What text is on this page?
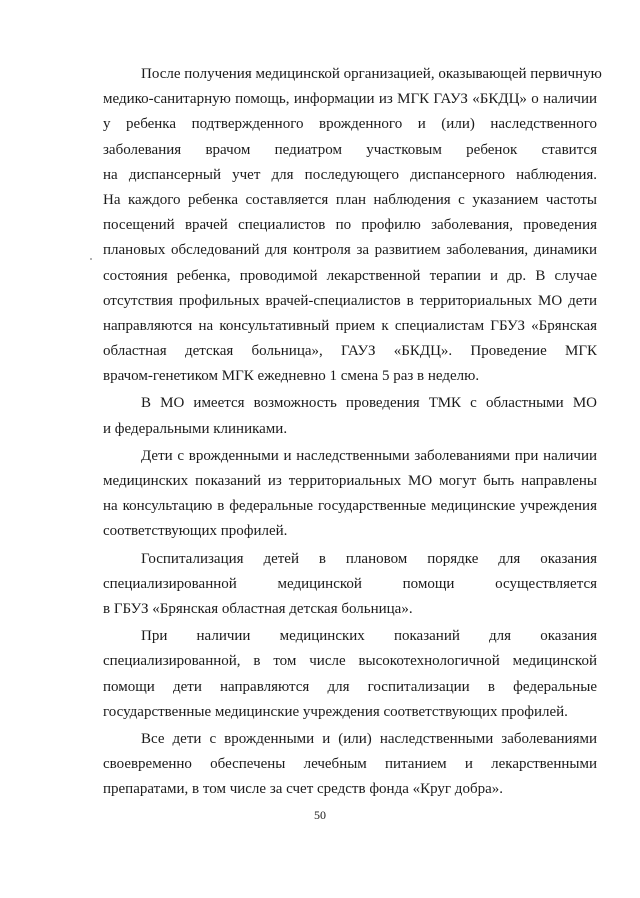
После получения медицинской организацией, оказывающей первичную
медико-санитарную помощь, информации из МГК ГАУЗ «БКДЦ» о наличии
у ребенка подтвержденного врожденного и (или) наследственного
заболевания врачом педиатром участковым ребенок ставится
на диспансерный учет для последующего диспансерного наблюдения.
На каждого ребенка составляется план наблюдения с указанием частоты
посещений врачей специалистов по профилю заболевания, проведения
плановых обследований для контроля за развитием заболевания, динамики
состояния ребенка, проводимой лекарственной терапии и др. В случае
отсутствия профильных врачей-специалистов в территориальных МО дети
направляются на консультативный прием к специалистам ГБУЗ «Брянская
областная детская больница», ГАУЗ «БКДЦ». Проведение МГК
врачом-генетиком МГК ежедневно 1 смена 5 раз в неделю.
В МО имеется возможность проведения ТМК с областными МО
и федеральными клиниками.
Дети с врожденными и наследственными заболеваниями при наличии
медицинских показаний из территориальных МО могут быть направлены
на консультацию в федеральные государственные медицинские учреждения
соответствующих профилей.
Госпитализация детей в плановом порядке для оказания
специализированной медицинской помощи осуществляется
в ГБУЗ «Брянская областная детская больница».
При наличии медицинских показаний для оказания
специализированной, в том числе высокотехнологичной медицинской
помощи дети направляются для госпитализации в федеральные
государственные медицинские учреждения соответствующих профилей.
Все дети с врожденными и (или) наследственными заболеваниями
своевременно обеспечены лечебным питанием и лекарственными
препаратами, в том числе за счет средств фонда «Круг добра».
50
